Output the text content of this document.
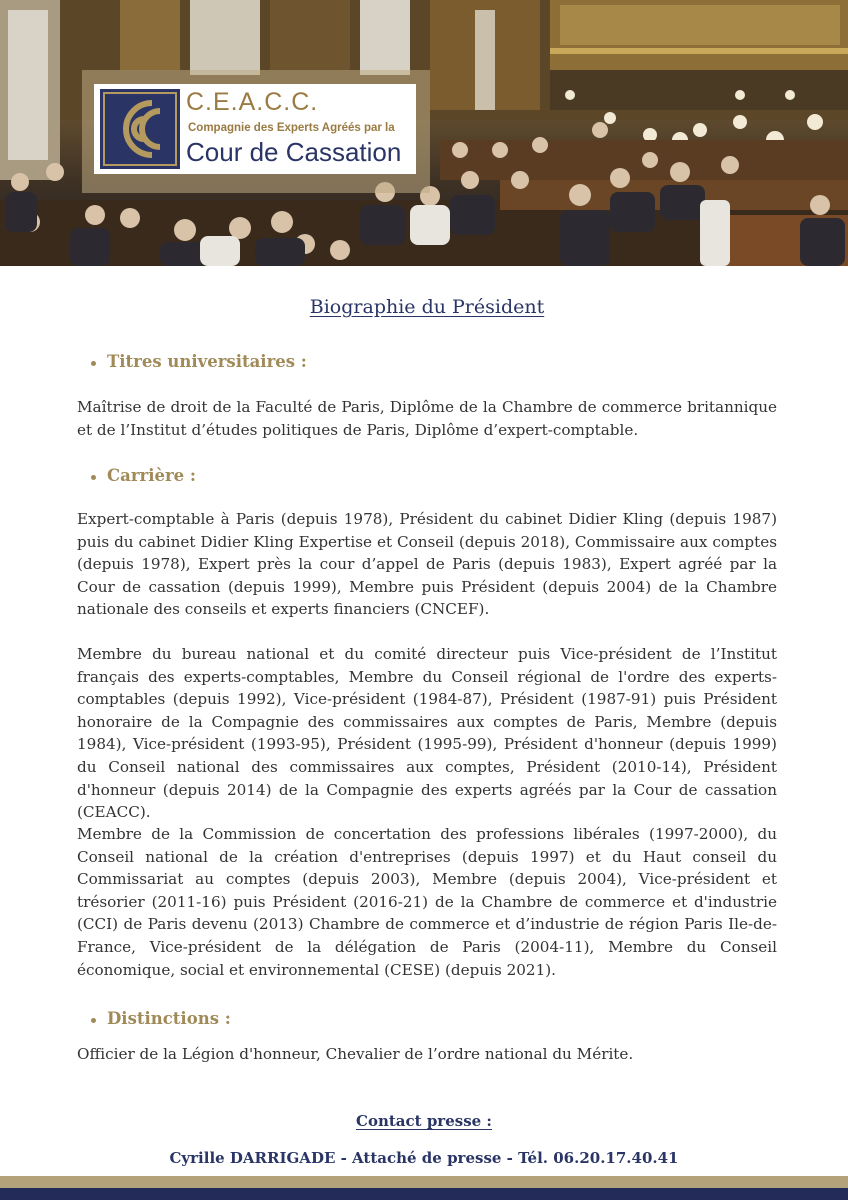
C.E.A.C.C.
Compagnie des Experts Agréés par la
Cour de Cassation
Biographie du Président
Titres universitaires :

Maîtrise de droit de la Faculté de Paris, Diplôme de la Chambre de commerce britannique et de l’Institut d’études politiques de Paris, Diplôme d’expert-comptable.

Carrière :

Expert-comptable à Paris (depuis 1978), Président du cabinet Didier Kling (depuis 1987) puis du cabinet Didier Kling Expertise et Conseil (depuis 2018), Commissaire aux comptes (depuis 1978), Expert près la cour d’appel de Paris (depuis 1983), Expert agréé par la Cour de cassation (depuis 1999), Membre puis Président (depuis 2004) de la Chambre nationale des conseils et experts financiers (CNCEF).

Membre du bureau national et du comité directeur puis Vice-président de l’Institut français des experts-comptables, Membre du Conseil régional de l'ordre des experts-comptables (depuis 1992), Vice-président (1984-87), Président (1987-91) puis Président honoraire de la Compagnie des commissaires aux comptes de Paris, Membre (depuis 1984), Vice-président (1993-95), Président (1995-99), Président d'honneur (depuis 1999) du Conseil national des commissaires aux comptes, Président (2010-14), Président d'honneur (depuis 2014) de la Compagnie des experts agréés par la Cour de cassation (CEACC).

Membre de la Commission de concertation des professions libérales (1997-2000), du Conseil national de la création d'entreprises (depuis 1997) et du Haut conseil du Commissariat au comptes (depuis 2003), Membre (depuis 2004), Vice-président et trésorier (2011-16) puis Président (2016-21) de la Chambre de commerce et d'industrie (CCI) de Paris devenu (2013) Chambre de commerce et d’industrie de région Paris Ile-de-France, Vice-président de la délégation de Paris (2004-11), Membre du Conseil économique, social et environnemental (CESE) (depuis 2021).

Distinctions :

Officier de la Légion d'honneur, Chevalier de l’ordre national du Mérite.

Contact presse :
Cyrille DARRIGADE - Attaché de presse - Tél. 06.20.17.40.41
